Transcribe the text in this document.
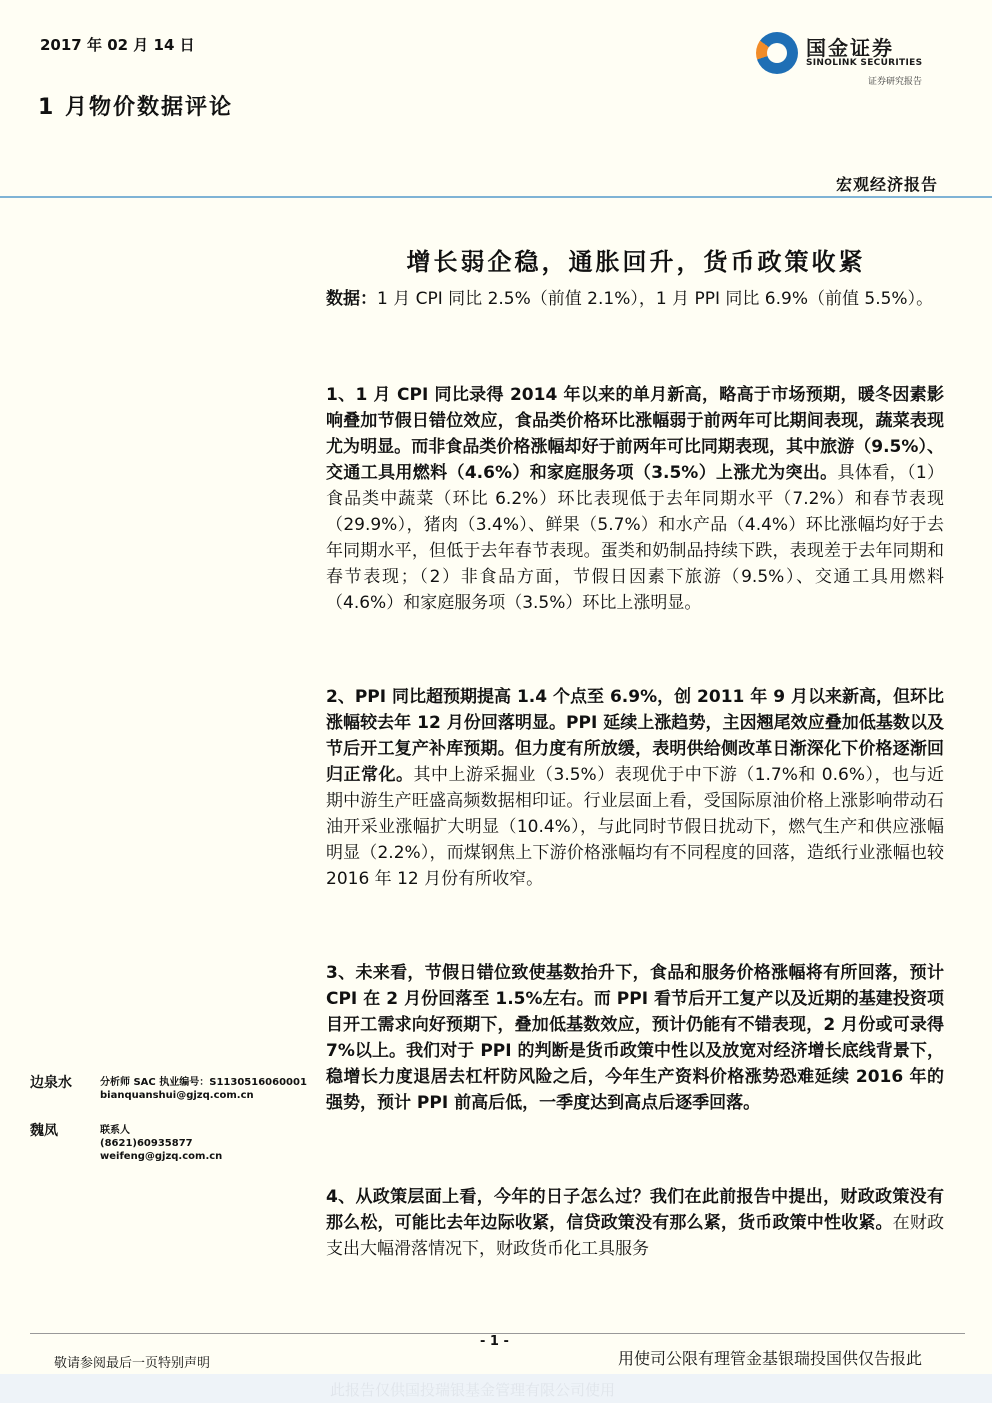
2017 年 02 月 14 日
1 月物价数据评论
国金证券
SINOLINK SECURITIES
证券研究报告
宏观经济报告
增长弱企稳，通胀回升，货币政策收紧
数据：1 月 CPI 同比 2.5%（前值 2.1%），1 月 PPI 同比 6.9%（前值 5.5%）。
1、1 月 CPI 同比录得 2014 年以来的单月新高，略高于市场预期，暖冬因素影响叠加节假日错位效应，食品类价格环比涨幅弱于前两年可比期间表现，蔬菜表现尤为明显。而非食品类价格涨幅却好于前两年可比同期表现，其中旅游（9.5%）、交通工具用燃料（4.6%）和家庭服务项（3.5%）上涨尤为突出。具体看，（1）食品类中蔬菜（环比 6.2%）环比表现低于去年同期水平（7.2%）和春节表现（29.9%），猪肉（3.4%）、鲜果（5.7%）和水产品（4.4%）环比涨幅均好于去年同期水平，但低于去年春节表现。蛋类和奶制品持续下跌，表现差于去年同期和春节表现；（2）非食品方面，节假日因素下旅游（9.5%）、交通工具用燃料（4.6%）和家庭服务项（3.5%）环比上涨明显。
2、PPI 同比超预期提高 1.4 个点至 6.9%，创 2011 年 9 月以来新高，但环比涨幅较去年 12 月份回落明显。PPI 延续上涨趋势，主因翘尾效应叠加低基数以及节后开工复产补库预期。但力度有所放缓，表明供给侧改革日渐深化下价格逐渐回归正常化。其中上游采掘业（3.5%）表现优于中下游（1.7%和 0.6%），也与近期中游生产旺盛高频数据相印证。行业层面上看，受国际原油价格上涨影响带动石油开采业涨幅扩大明显（10.4%），与此同时节假日扰动下，燃气生产和供应涨幅明显（2.2%），而煤钢焦上下游价格涨幅均有不同程度的回落，造纸行业涨幅也较 2016 年 12 月份有所收窄。
3、未来看，节假日错位致使基数抬升下，食品和服务价格涨幅将有所回落，预计 CPI 在 2 月份回落至 1.5%左右。而 PPI 看节后开工复产以及近期的基建投资项目开工需求向好预期下，叠加低基数效应，预计仍能有不错表现，2 月份或可录得 7%以上。我们对于 PPI 的判断是货币政策中性以及放宽对经济增长底线背景下，稳增长力度退居去杠杆防风险之后，今年生产资料价格涨势恐难延续 2016 年的强势，预计 PPI 前高后低，一季度达到高点后逐季回落。
4、从政策层面上看，今年的日子怎么过？我们在此前报告中提出，财政政策没有那么松，可能比去年边际收紧，信贷政策没有那么紧，货币政策中性收紧。在财政支出大幅滑落情况下，财政货币化工具服务
边泉水	分析师 SAC 执业编号：S1130516060001
bianquanshui@gjzq.com.cn
魏凤	联系人
(8621)60935877
weifeng@gjzq.com.cn
- 1 -
敬请参阅最后一页特别声明	用使司公限有理管金基银瑞投国供仅告报此
此报告仅供国投瑞银基金管理有限公司使用
